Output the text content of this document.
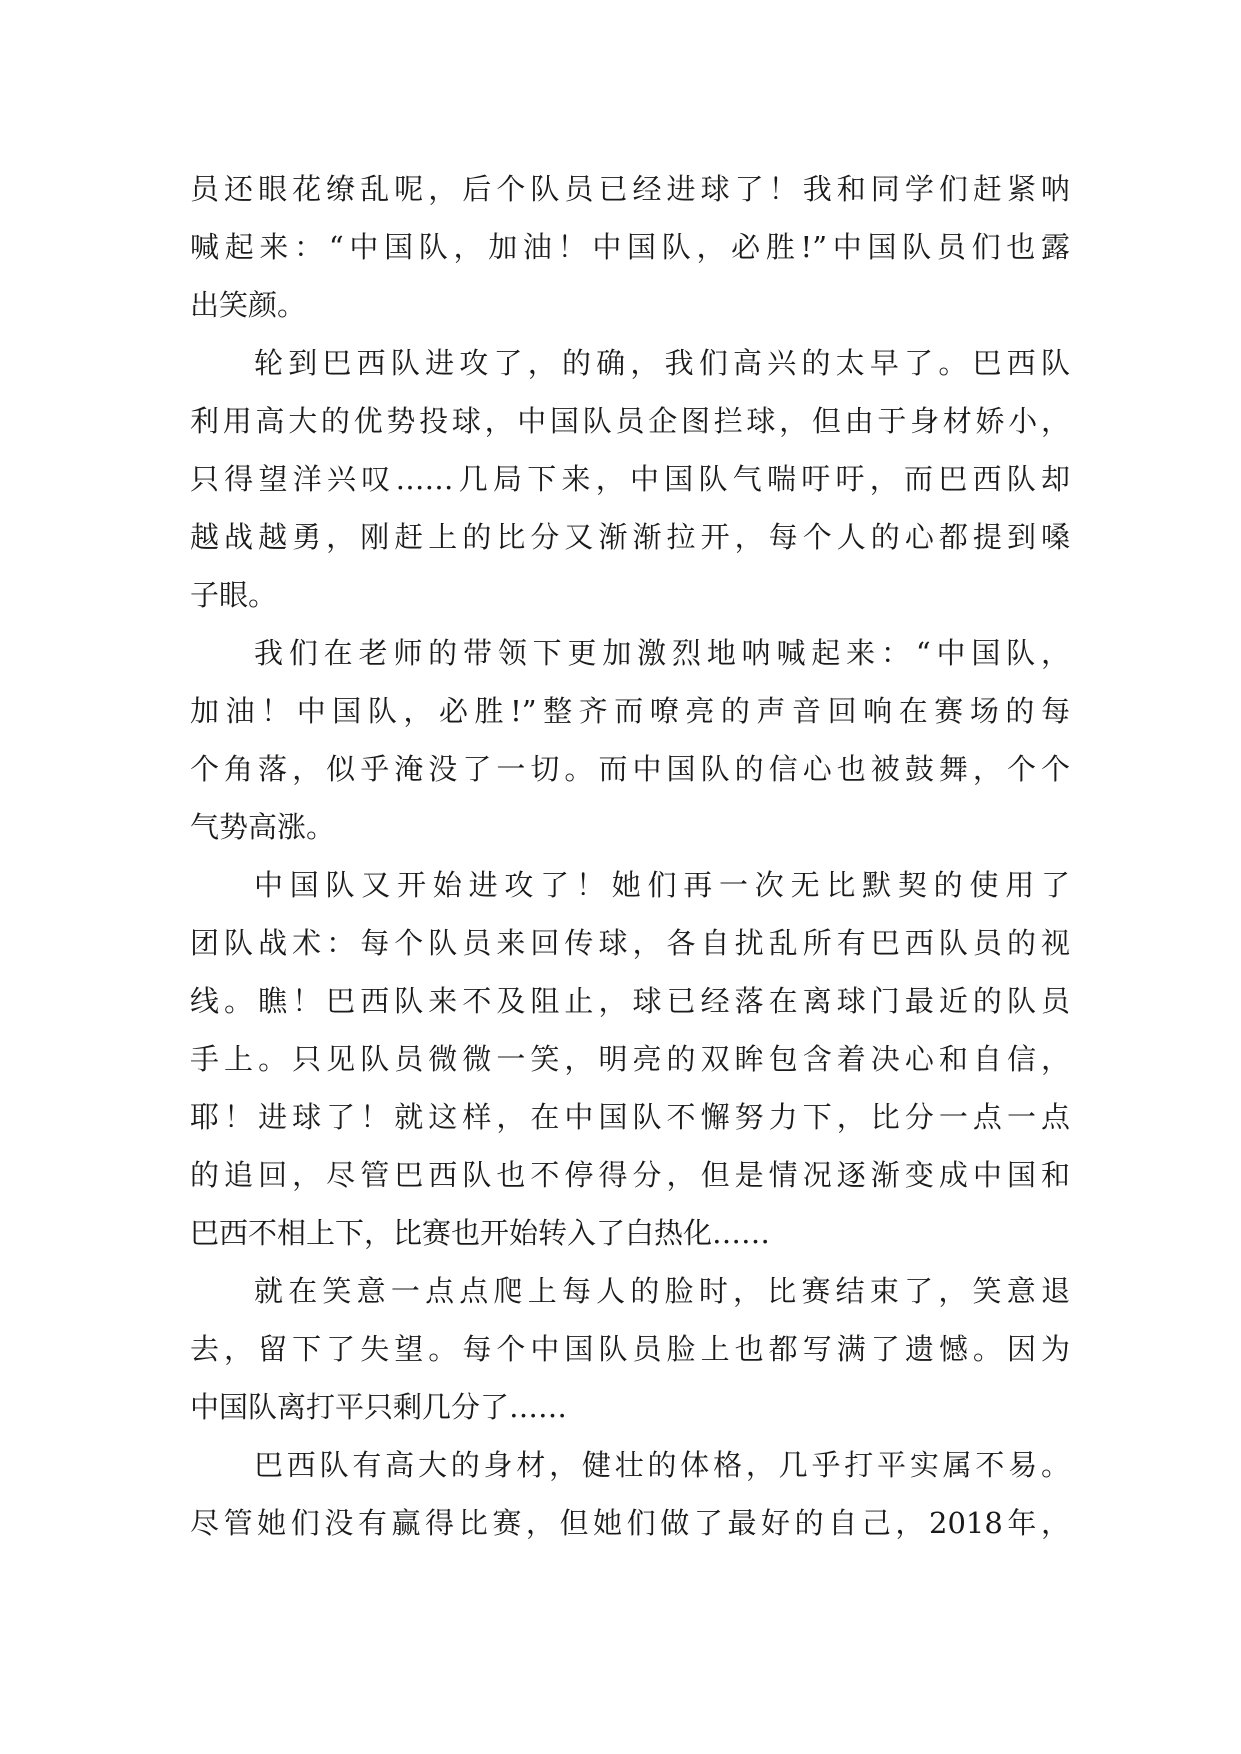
员还眼花缭乱呢，后个队员已经进球了！我和同学们赶紧呐
喊起来：“中国队，加油！中国队，必胜!”中国队员们也露
出笑颜。
轮到巴西队进攻了，的确，我们高兴的太早了。巴西队
利用高大的优势投球，中国队员企图拦球，但由于身材娇小，
只得望洋兴叹……几局下来，中国队气喘吁吁，而巴西队却
越战越勇，刚赶上的比分又渐渐拉开，每个人的心都提到嗓
子眼。
我们在老师的带领下更加激烈地呐喊起来：“中国队，
加油！中国队，必胜!”整齐而嘹亮的声音回响在赛场的每
个角落，似乎淹没了一切。而中国队的信心也被鼓舞，个个
气势高涨。
中国队又开始进攻了！她们再一次无比默契的使用了
团队战术：每个队员来回传球，各自扰乱所有巴西队员的视
线。瞧！巴西队来不及阻止，球已经落在离球门最近的队员
手上。只见队员微微一笑，明亮的双眸包含着决心和自信，
耶！进球了！就这样，在中国队不懈努力下，比分一点一点
的追回，尽管巴西队也不停得分，但是情况逐渐变成中国和
巴西不相上下，比赛也开始转入了白热化……
就在笑意一点点爬上每人的脸时，比赛结束了，笑意退
去，留下了失望。每个中国队员脸上也都写满了遗憾。因为
中国队离打平只剩几分了……
巴西队有高大的身材，健壮的体格，几乎打平实属不易。
尽管她们没有赢得比赛，但她们做了最好的自己，2018年，
